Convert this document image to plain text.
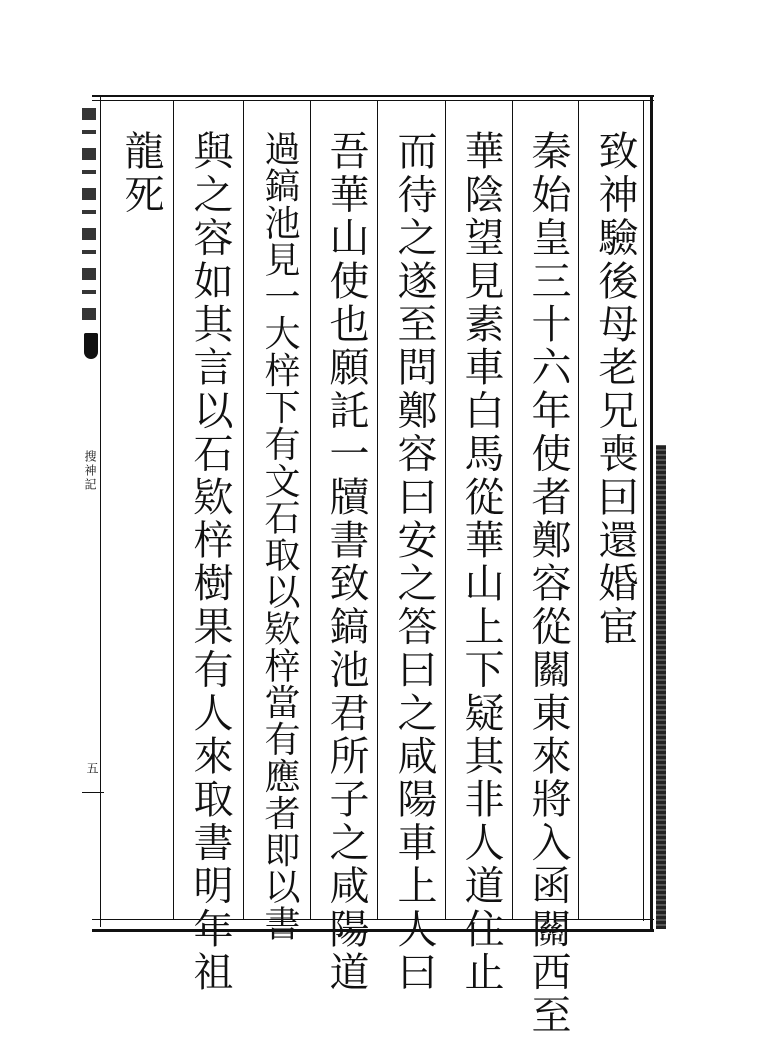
搜神記
五
致神驗後母老兄喪囙還婚宦
秦始皇三十六年使者鄭容從關東來將入函關西至
華陰望見素車白馬從華山上下疑其非人道住止
而待之遂至問鄭容曰安之答曰之咸陽車上人曰
吾華山使也願託一牘書致鎬池君所子之咸陽道
過鎬池見一大梓下有文石取以欵梓當有應者即以書
與之容如其言以石欵梓樹果有人來取書明年祖
龍死
